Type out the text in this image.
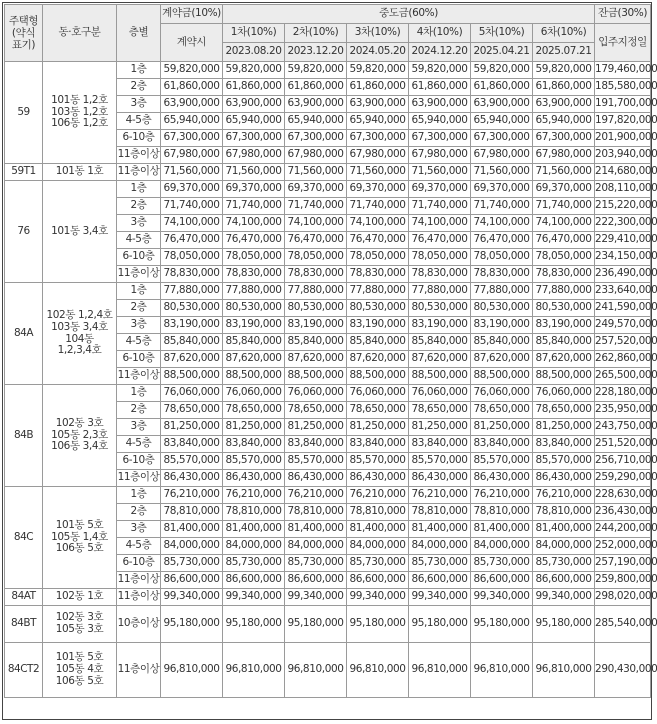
주택형
(약식
표기)	동·호구분	층별	계약금(10%)	중도금(60%)						잔금(30%)
			계약시	1차(10%)	2차(10%)	3차(10%)	4차(10%)	5차(10%)	6차(10%)	입주지정일
				2023.08.20	2023.12.20	2024.05.20	2024.12.20	2025.04.21	2025.07.21	
59	101동 1,2호
103동 1,2호
106동 1,2호	1층	59,820,000	59,820,000	59,820,000	59,820,000	59,820,000	59,820,000	59,820,000	179,460,000
		2층	61,860,000	61,860,000	61,860,000	61,860,000	61,860,000	61,860,000	61,860,000	185,580,000
		3층	63,900,000	63,900,000	63,900,000	63,900,000	63,900,000	63,900,000	63,900,000	191,700,000
		4-5층	65,940,000	65,940,000	65,940,000	65,940,000	65,940,000	65,940,000	65,940,000	197,820,000
		6-10층	67,300,000	67,300,000	67,300,000	67,300,000	67,300,000	67,300,000	67,300,000	201,900,000
		11층이상	67,980,000	67,980,000	67,980,000	67,980,000	67,980,000	67,980,000	67,980,000	203,940,000
59T1	101동 1호	11층이상	71,560,000	71,560,000	71,560,000	71,560,000	71,560,000	71,560,000	71,560,000	214,680,000
76	101동 3,4호	1층	69,370,000	69,370,000	69,370,000	69,370,000	69,370,000	69,370,000	69,370,000	208,110,000
		2층	71,740,000	71,740,000	71,740,000	71,740,000	71,740,000	71,740,000	71,740,000	215,220,000
		3층	74,100,000	74,100,000	74,100,000	74,100,000	74,100,000	74,100,000	74,100,000	222,300,000
		4-5층	76,470,000	76,470,000	76,470,000	76,470,000	76,470,000	76,470,000	76,470,000	229,410,000
		6-10층	78,050,000	78,050,000	78,050,000	78,050,000	78,050,000	78,050,000	78,050,000	234,150,000
		11층이상	78,830,000	78,830,000	78,830,000	78,830,000	78,830,000	78,830,000	78,830,000	236,490,000
84A	102동 1,2,4호
103동 3,4호
104동
1,2,3,4호	1층	77,880,000	77,880,000	77,880,000	77,880,000	77,880,000	77,880,000	77,880,000	233,640,000
		2층	80,530,000	80,530,000	80,530,000	80,530,000	80,530,000	80,530,000	80,530,000	241,590,000
		3층	83,190,000	83,190,000	83,190,000	83,190,000	83,190,000	83,190,000	83,190,000	249,570,000
		4-5층	85,840,000	85,840,000	85,840,000	85,840,000	85,840,000	85,840,000	85,840,000	257,520,000
		6-10층	87,620,000	87,620,000	87,620,000	87,620,000	87,620,000	87,620,000	87,620,000	262,860,000
		11층이상	88,500,000	88,500,000	88,500,000	88,500,000	88,500,000	88,500,000	88,500,000	265,500,000
84B	102동 3호
105동 2,3호
106동 3,4호	1층	76,060,000	76,060,000	76,060,000	76,060,000	76,060,000	76,060,000	76,060,000	228,180,000
		2층	78,650,000	78,650,000	78,650,000	78,650,000	78,650,000	78,650,000	78,650,000	235,950,000
		3층	81,250,000	81,250,000	81,250,000	81,250,000	81,250,000	81,250,000	81,250,000	243,750,000
		4-5층	83,840,000	83,840,000	83,840,000	83,840,000	83,840,000	83,840,000	83,840,000	251,520,000
		6-10층	85,570,000	85,570,000	85,570,000	85,570,000	85,570,000	85,570,000	85,570,000	256,710,000
		11층이상	86,430,000	86,430,000	86,430,000	86,430,000	86,430,000	86,430,000	86,430,000	259,290,000
84C	101동 5호
105동 1,4호
106동 5호	1층	76,210,000	76,210,000	76,210,000	76,210,000	76,210,000	76,210,000	76,210,000	228,630,000
		2층	78,810,000	78,810,000	78,810,000	78,810,000	78,810,000	78,810,000	78,810,000	236,430,000
		3층	81,400,000	81,400,000	81,400,000	81,400,000	81,400,000	81,400,000	81,400,000	244,200,000
		4-5층	84,000,000	84,000,000	84,000,000	84,000,000	84,000,000	84,000,000	84,000,000	252,000,000
		6-10층	85,730,000	85,730,000	85,730,000	85,730,000	85,730,000	85,730,000	85,730,000	257,190,000
		11층이상	86,600,000	86,600,000	86,600,000	86,600,000	86,600,000	86,600,000	86,600,000	259,800,000
84AT	102동 1호	11층이상	99,340,000	99,340,000	99,340,000	99,340,000	99,340,000	99,340,000	99,340,000	298,020,000
84BT	102동 3호
105동 3호	10층이상	95,180,000	95,180,000	95,180,000	95,180,000	95,180,000	95,180,000	95,180,000	285,540,000
84CT2	101동 5호
105동 4호
106동 5호	11층이상	96,810,000	96,810,000	96,810,000	96,810,000	96,810,000	96,810,000	96,810,000	290,430,000
